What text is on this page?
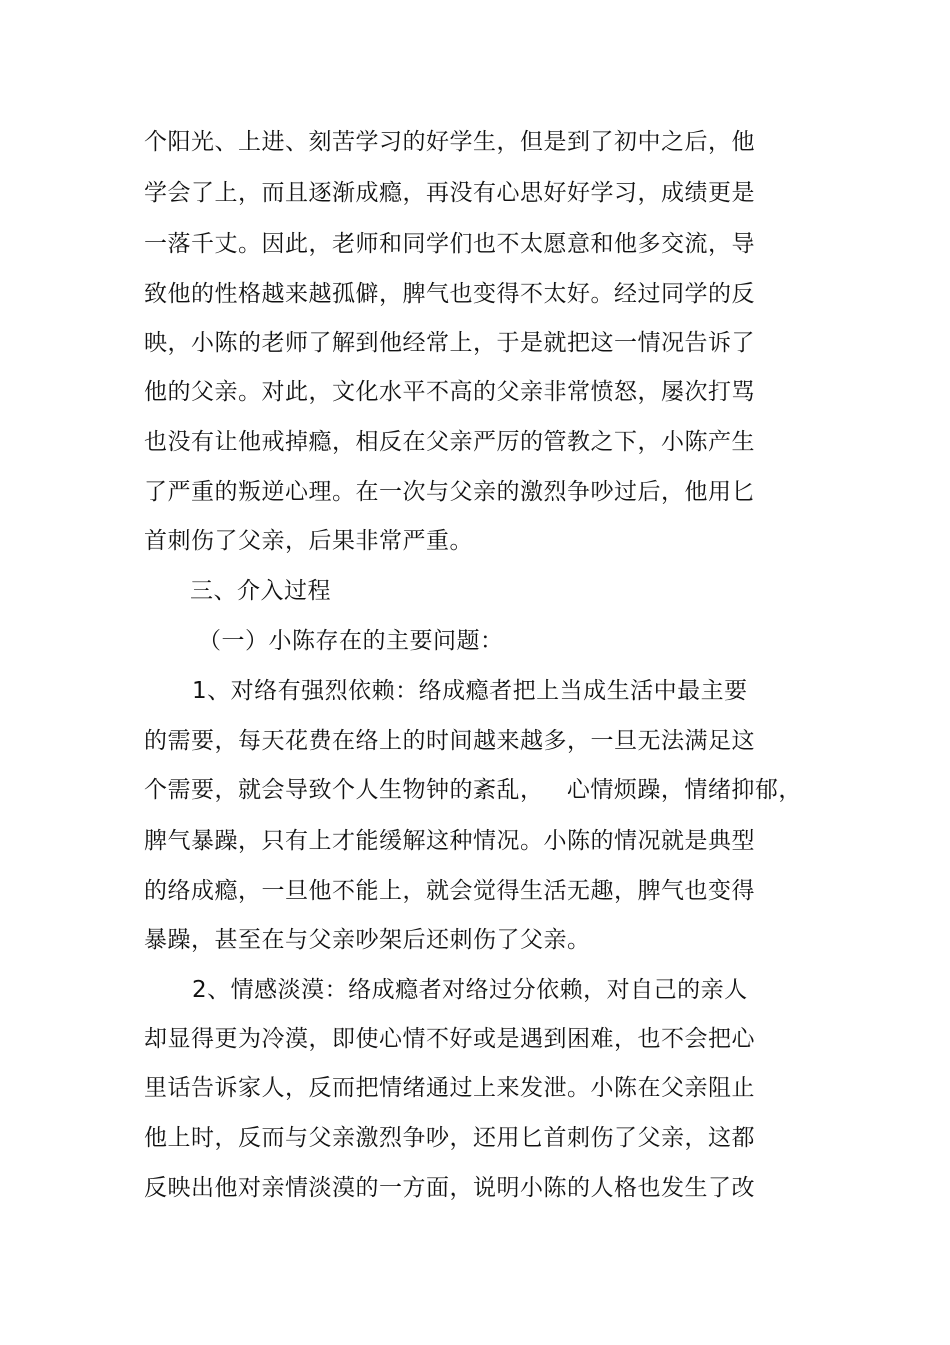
个阳光、上进、刻苦学习的好学生，但是到了初中之后，他
学会了上，而且逐渐成瘾，再没有心思好好学习，成绩更是
一落千丈。因此，老师和同学们也不太愿意和他多交流，导
致他的性格越来越孤僻，脾气也变得不太好。经过同学的反
映，小陈的老师了解到他经常上，于是就把这一情况告诉了
他的父亲。对此，文化水平不高的父亲非常愤怒，屡次打骂
也没有让他戒掉瘾，相反在父亲严厉的管教之下，小陈产生
了严重的叛逆心理。在一次与父亲的激烈争吵过后，他用匕
首刺伤了父亲，后果非常严重。
三、介入过程
（一）小陈存在的主要问题：
1、对络有强烈依赖：络成瘾者把上当成生活中最主要
的需要，每天花费在络上的时间越来越多，一旦无法满足这
个需要，就会导致个人生物钟的紊乱，   心情烦躁，情绪抑郁，
脾气暴躁，只有上才能缓解这种情况。小陈的情况就是典型
的络成瘾，一旦他不能上，就会觉得生活无趣，脾气也变得
暴躁，甚至在与父亲吵架后还刺伤了父亲。
2、情感淡漠：络成瘾者对络过分依赖，对自己的亲人
却显得更为冷漠，即使心情不好或是遇到困难，也不会把心
里话告诉家人，反而把情绪通过上来发泄。小陈在父亲阻止
他上时，反而与父亲激烈争吵，还用匕首刺伤了父亲，这都
反映出他对亲情淡漠的一方面，说明小陈的人格也发生了改
